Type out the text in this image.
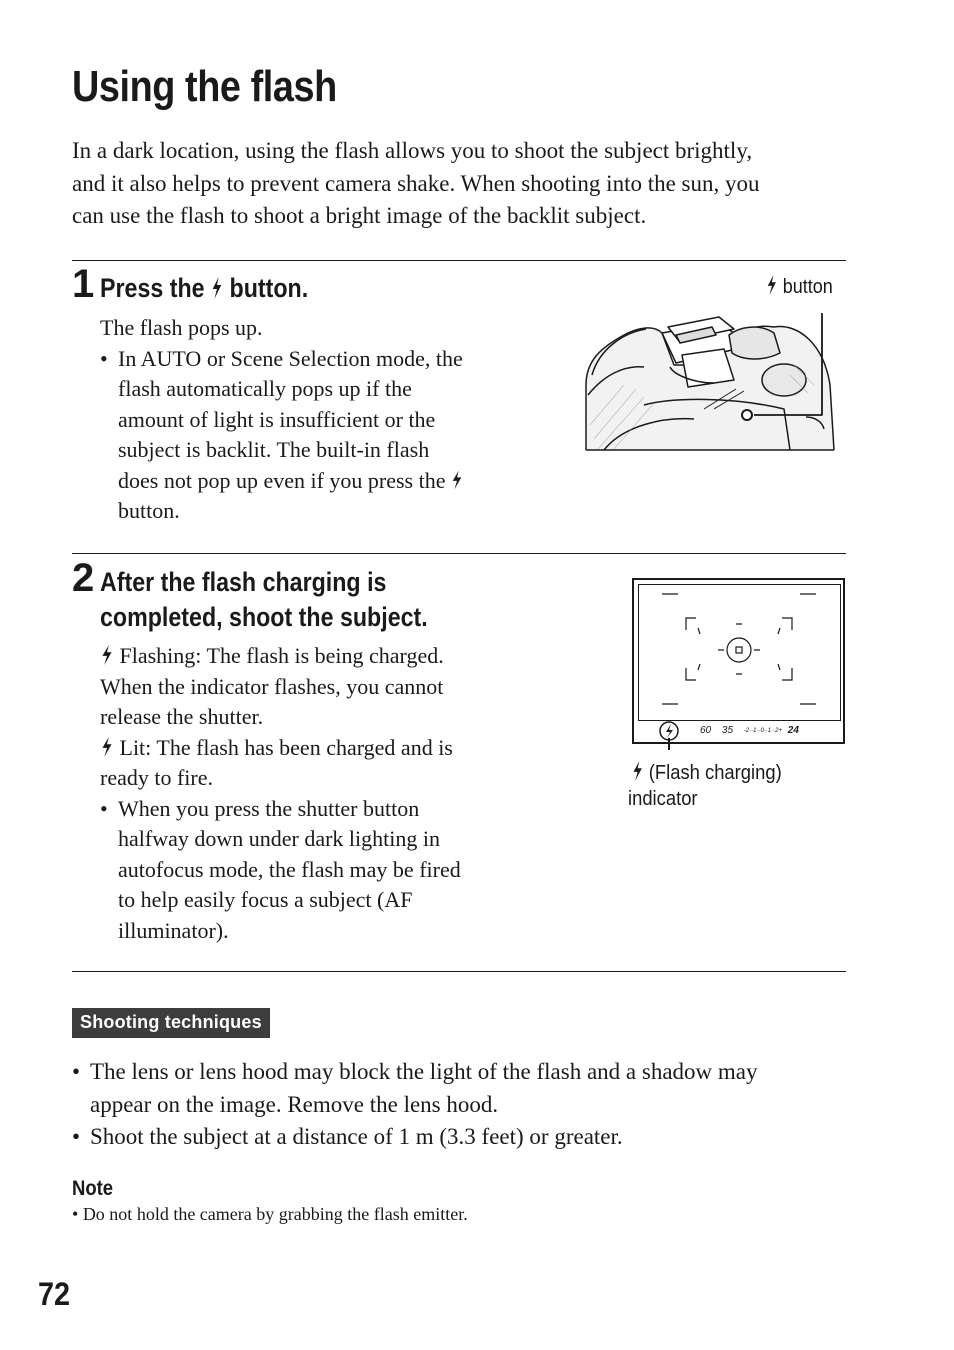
Using the flash
In a dark location, using the flash allows you to shoot the subject brightly,
and it also helps to prevent camera shake. When shooting into the sun, you
can use the flash to shoot a bright image of the backlit subject.
1 Press the button.
The flash pops up.
• In AUTO or Scene Selection mode, the
flash automatically pops up if the
amount of light is insufficient or the
subject is backlit. The built-in flash
does not pop up even if you press the
button.
button
2 After the flash charging is
completed, shoot the subject.
Flashing: The flash is being charged.
When the indicator flashes, you cannot
release the shutter.
Lit: The flash has been charged and is
ready to fire.
• When you press the shutter button
halfway down under dark lighting in
autofocus mode, the flash may be fired
to help easily focus a subject (AF
illuminator).
60 35 -2··1··0··1··2+ 24
(Flash charging)
indicator
Shooting techniques
• The lens or lens hood may block the light of the flash and a shadow may
appear on the image. Remove the lens hood.
• Shoot the subject at a distance of 1 m (3.3 feet) or greater.
Note
• Do not hold the camera by grabbing the flash emitter.
72
